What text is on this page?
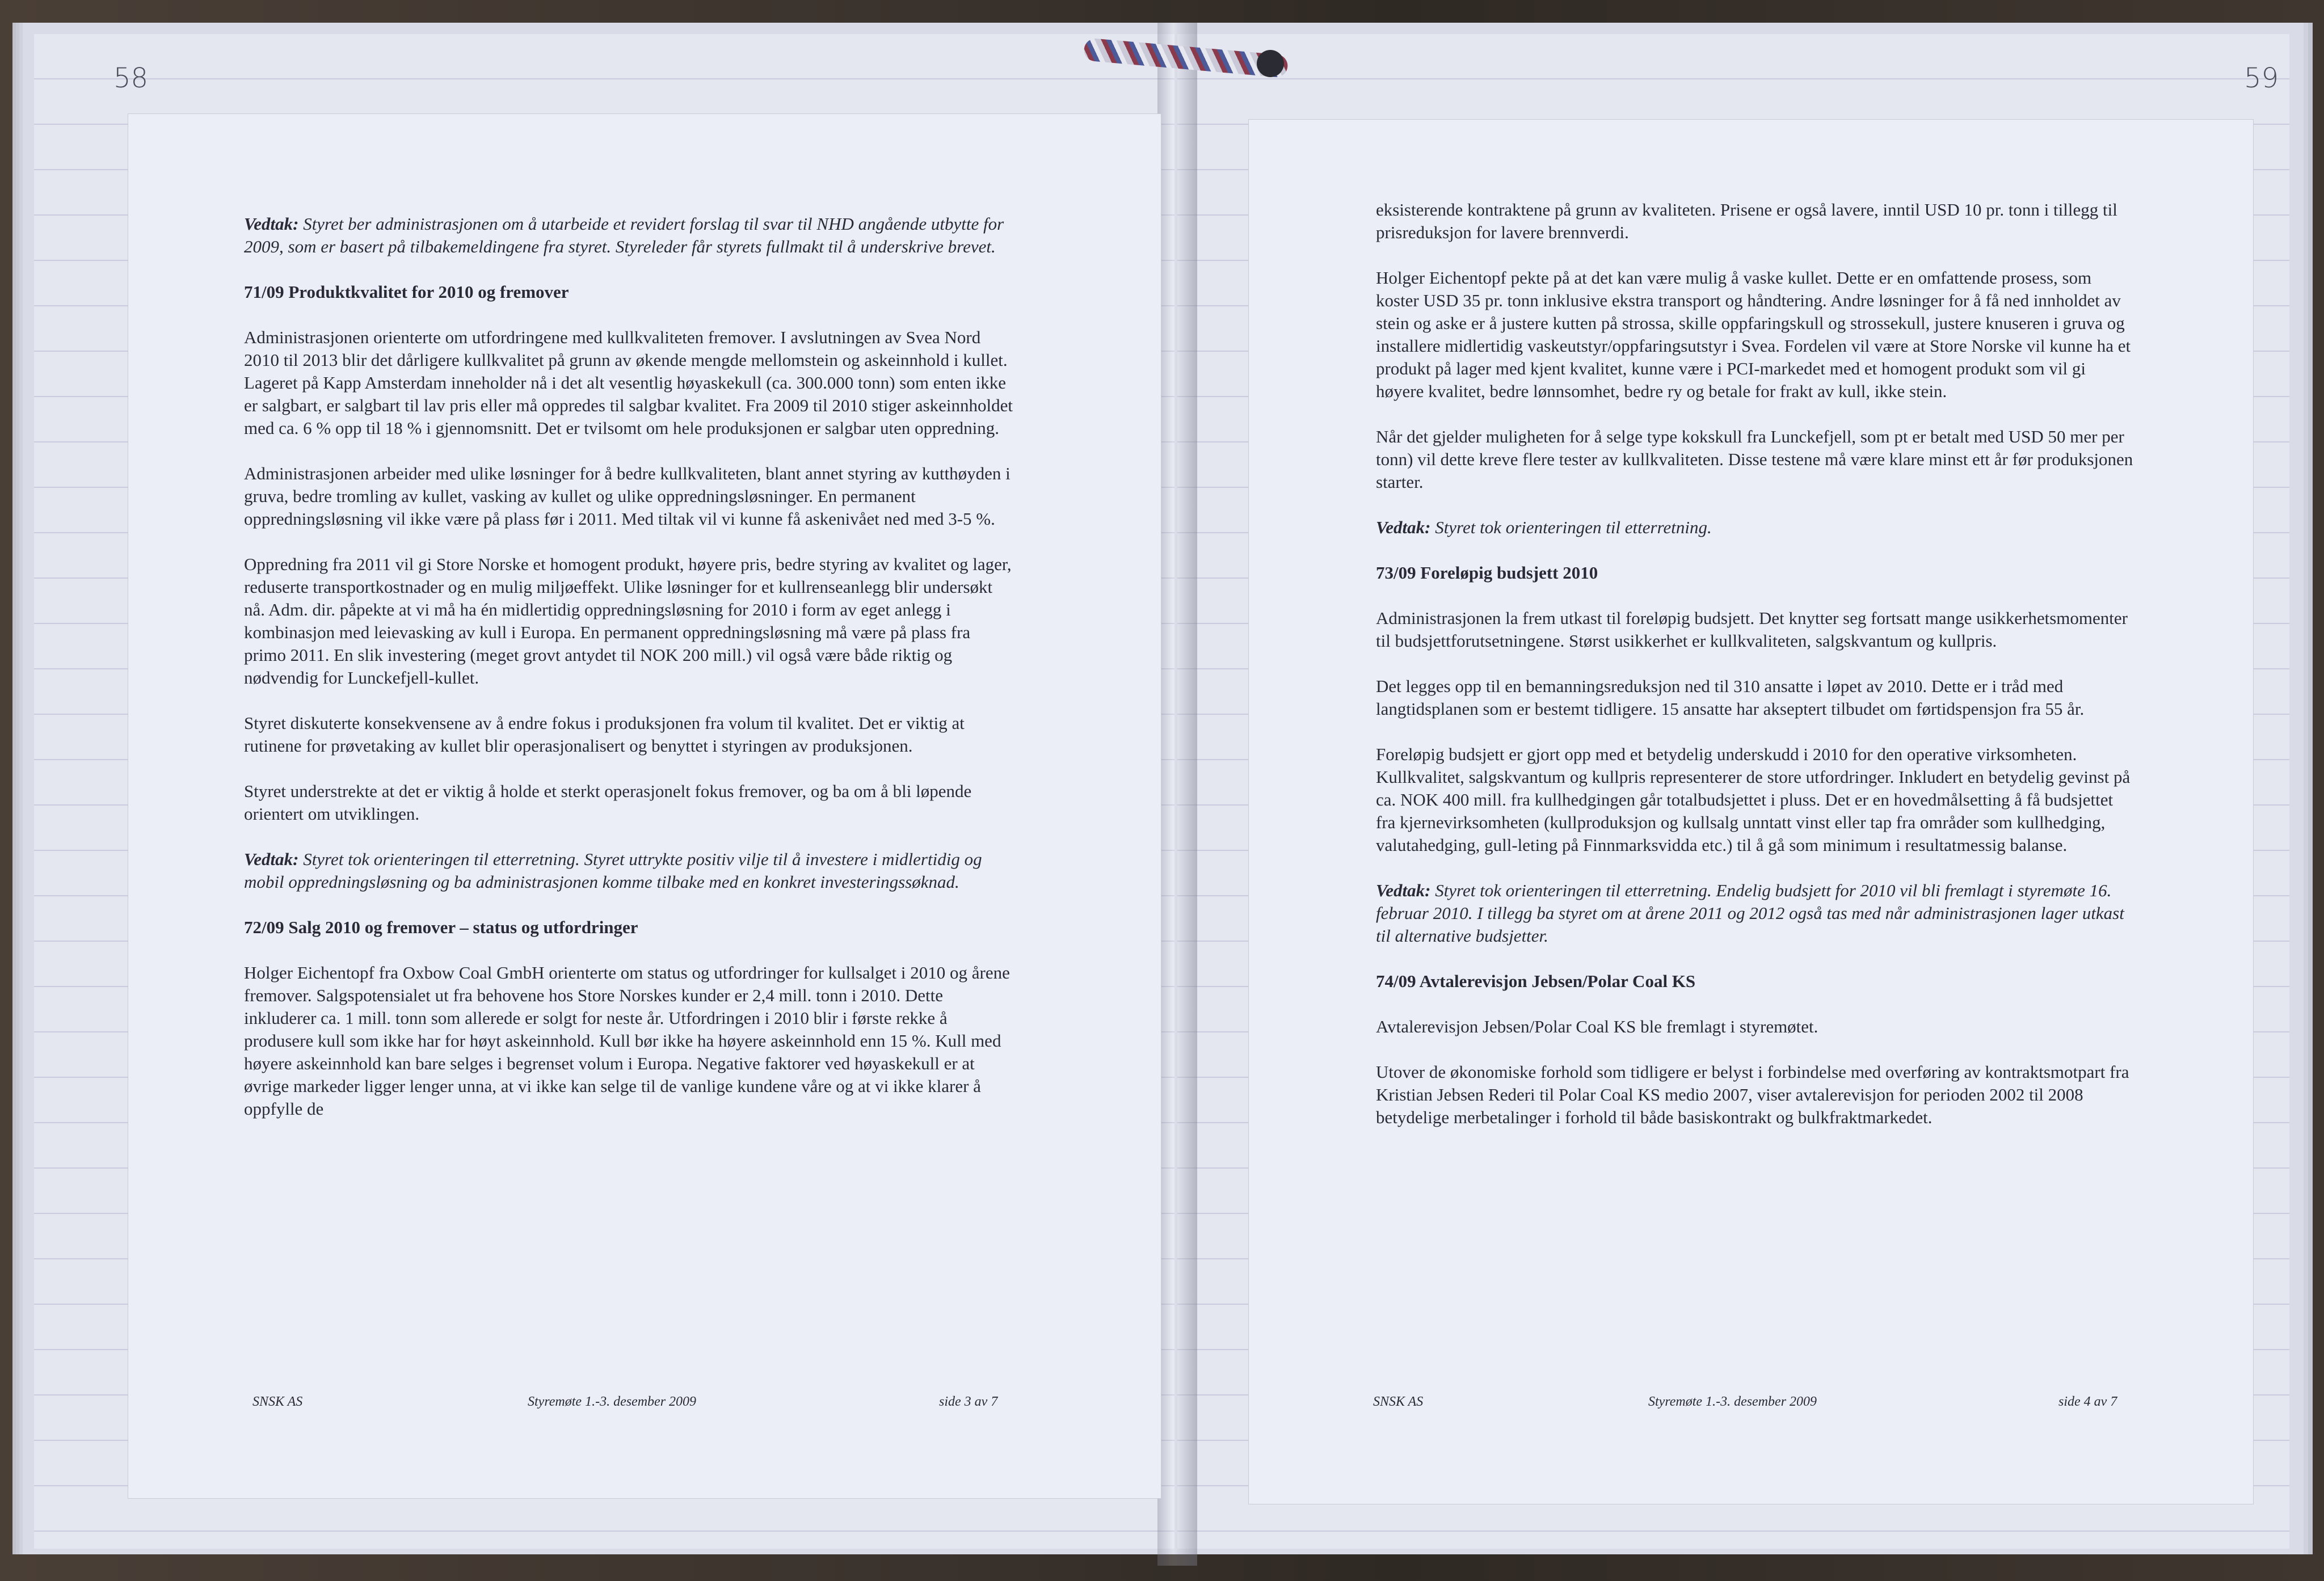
58	59

Vedtak: Styret ber administrasjonen om å utarbeide et revidert forslag til svar til NHD angående utbytte for 2009, som er basert på tilbakemeldingene fra styret. Styreleder får styrets fullmakt til å underskrive brevet.

71/09 Produktkvalitet for 2010 og fremover

Administrasjonen orienterte om utfordringene med kullkvaliteten fremover. I avslutningen av Svea Nord 2010 til 2013 blir det dårligere kullkvalitet på grunn av økende mengde mellomstein og askeinnhold i kullet. Lageret på Kapp Amsterdam inneholder nå i det alt vesentlig høyaskekull (ca. 300.000 tonn) som enten ikke er salgbart, er salgbart til lav pris eller må oppredes til salgbar kvalitet. Fra 2009 til 2010 stiger askeinnholdet med ca. 6 % opp til 18 % i gjennomsnitt. Det er tvilsomt om hele produksjonen er salgbar uten oppredning.

Administrasjonen arbeider med ulike løsninger for å bedre kullkvaliteten, blant annet styring av kutthøyden i gruva, bedre tromling av kullet, vasking av kullet og ulike oppredningsløsninger. En permanent oppredningsløsning vil ikke være på plass før i 2011. Med tiltak vil vi kunne få askenivået ned med 3-5 %.

Oppredning fra 2011 vil gi Store Norske et homogent produkt, høyere pris, bedre styring av kvalitet og lager, reduserte transportkostnader og en mulig miljøeffekt. Ulike løsninger for et kullrenseanlegg blir undersøkt nå. Adm. dir. påpekte at vi må ha én midlertidig oppredningsløsning for 2010 i form av eget anlegg i kombinasjon med leievasking av kull i Europa. En permanent oppredningsløsning må være på plass fra primo 2011. En slik investering (meget grovt antydet til NOK 200 mill.) vil også være både riktig og nødvendig for Lunckefjell-kullet.

Styret diskuterte konsekvensene av å endre fokus i produksjonen fra volum til kvalitet. Det er viktig at rutinene for prøvetaking av kullet blir operasjonalisert og benyttet i styringen av produksjonen.

Styret understrekte at det er viktig å holde et sterkt operasjonelt fokus fremover, og ba om å bli løpende orientert om utviklingen.

Vedtak: Styret tok orienteringen til etterretning. Styret uttrykte positiv vilje til å investere i midlertidig og mobil oppredningsløsning og ba administrasjonen komme tilbake med en konkret investeringssøknad.

72/09 Salg 2010 og fremover – status og utfordringer

Holger Eichentopf fra Oxbow Coal GmbH orienterte om status og utfordringer for kullsalget i 2010 og årene fremover. Salgspotensialet ut fra behovene hos Store Norskes kunder er 2,4 mill. tonn i 2010. Dette inkluderer ca. 1 mill. tonn som allerede er solgt for neste år. Utfordringen i 2010 blir i første rekke å produsere kull som ikke har for høyt askeinnhold. Kull bør ikke ha høyere askeinnhold enn 15 %. Kull med høyere askeinnhold kan bare selges i begrenset volum i Europa. Negative faktorer ved høyaskekull er at øvrige markeder ligger lenger unna, at vi ikke kan selge til de vanlige kundene våre og at vi ikke klarer å oppfylle de

SNSK AS	Styremøte 1.-3. desember 2009	side 3 av 7

eksisterende kontraktene på grunn av kvaliteten. Prisene er også lavere, inntil USD 10 pr. tonn i tillegg til prisreduksjon for lavere brennverdi.

Holger Eichentopf pekte på at det kan være mulig å vaske kullet. Dette er en omfattende prosess, som koster USD 35 pr. tonn inklusive ekstra transport og håndtering. Andre løsninger for å få ned innholdet av stein og aske er å justere kutten på strossa, skille oppfaringskull og strossekull, justere knuseren i gruva og installere midlertidig vaskeutstyr/oppfaringsutstyr i Svea. Fordelen vil være at Store Norske vil kunne ha et produkt på lager med kjent kvalitet, kunne være i PCI-markedet med et homogent produkt som vil gi høyere kvalitet, bedre lønnsomhet, bedre ry og betale for frakt av kull, ikke stein.

Når det gjelder muligheten for å selge type kokskull fra Lunckefjell, som pt er betalt med USD 50 mer per tonn) vil dette kreve flere tester av kullkvaliteten. Disse testene må være klare minst ett år før produksjonen starter.

Vedtak: Styret tok orienteringen til etterretning.

73/09 Foreløpig budsjett 2010

Administrasjonen la frem utkast til foreløpig budsjett. Det knytter seg fortsatt mange usikkerhetsmomenter til budsjettforutsetningene. Størst usikkerhet er kullkvaliteten, salgskvantum og kullpris.

Det legges opp til en bemanningsreduksjon ned til 310 ansatte i løpet av 2010. Dette er i tråd med langtidsplanen som er bestemt tidligere. 15 ansatte har akseptert tilbudet om førtidspensjon fra 55 år.

Foreløpig budsjett er gjort opp med et betydelig underskudd i 2010 for den operative virksomheten. Kullkvalitet, salgskvantum og kullpris representerer de store utfordringer. Inkludert en betydelig gevinst på ca. NOK 400 mill. fra kullhedgingen går totalbudsjettet i pluss. Det er en hovedmålsetting å få budsjettet fra kjernevirksomheten (kullproduksjon og kullsalg unntatt vinst eller tap fra områder som kullhedging, valutahedging, gull-leting på Finnmarksvidda etc.) til å gå som minimum i resultatmessig balanse.

Vedtak: Styret tok orienteringen til etterretning. Endelig budsjett for 2010 vil bli fremlagt i styremøte 16. februar 2010. I tillegg ba styret om at årene 2011 og 2012 også tas med når administrasjonen lager utkast til alternative budsjetter.

74/09 Avtalerevisjon Jebsen/Polar Coal KS

Avtalerevisjon Jebsen/Polar Coal KS ble fremlagt i styremøtet.

Utover de økonomiske forhold som tidligere er belyst i forbindelse med overføring av kontraktsmotpart fra Kristian Jebsen Rederi til Polar Coal KS medio 2007, viser avtalerevisjon for perioden 2002 til 2008 betydelige merbetalinger i forhold til både basiskontrakt og bulkfraktmarkedet.

SNSK AS	Styremøte 1.-3. desember 2009	side 4 av 7
